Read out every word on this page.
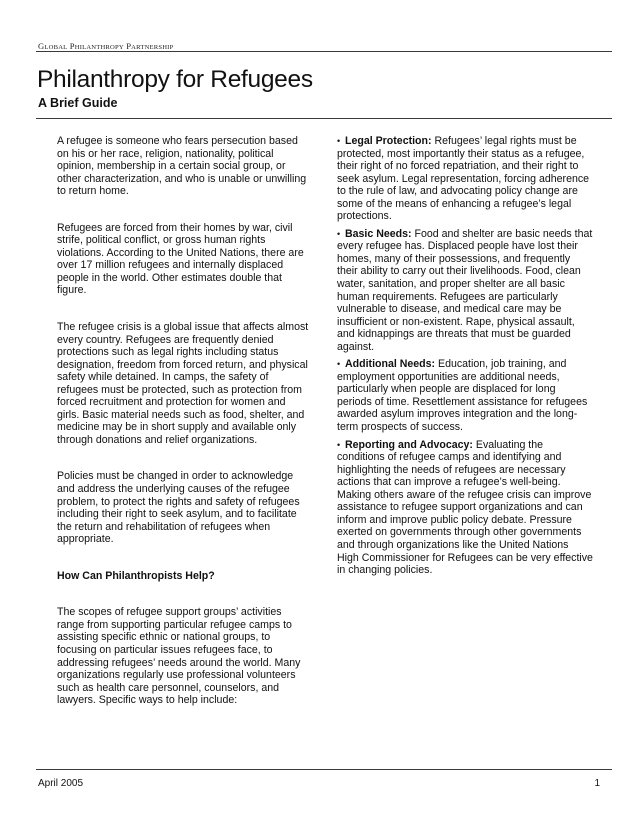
GLOBAL PHILANTHROPY PARTNERSHIP
Philanthropy for Refugees
A Brief Guide

A refugee is someone who fears persecution based on his or her race, religion, nationality, political opinion, membership in a certain social group, or other characterization, and who is unable or unwilling to return home.

Refugees are forced from their homes by war, civil strife, political conflict, or gross human rights violations. According to the United Nations, there are over 17 million refugees and internally displaced people in the world. Other estimates double that figure.

The refugee crisis is a global issue that affects almost every country. Refugees are frequently denied protections such as legal rights including status designation, freedom from forced return, and physical safety while detained. In camps, the safety of refugees must be protected, such as protection from forced recruitment and protection for women and girls. Basic material needs such as food, shelter, and medicine may be in short supply and available only through donations and relief organizations.

Policies must be changed in order to acknowledge and address the underlying causes of the refugee problem, to protect the rights and safety of refugees including their right to seek asylum, and to facilitate the return and rehabilitation of refugees when appropriate.

How Can Philanthropists Help?

The scopes of refugee support groups’ activities range from supporting particular refugee camps to assisting specific ethnic or national groups, to focusing on particular issues refugees face, to addressing refugees’ needs around the world. Many organizations regularly use professional volunteers such as health care personnel, counselors, and lawyers. Specific ways to help include:

• Legal Protection: Refugees’ legal rights must be protected, most importantly their status as a refugee, their right of no forced repatriation, and their right to seek asylum. Legal representation, forcing adherence to the rule of law, and advocating policy change are some of the means of enhancing a refugee’s legal protections.
• Basic Needs: Food and shelter are basic needs that every refugee has. Displaced people have lost their homes, many of their possessions, and frequently their ability to carry out their livelihoods. Food, clean water, sanitation, and proper shelter are all basic human requirements. Refugees are particularly vulnerable to disease, and medical care may be insufficient or non-existent. Rape, physical assault, and kidnappings are threats that must be guarded against.
• Additional Needs: Education, job training, and employment opportunities are additional needs, particularly when people are displaced for long periods of time. Resettlement assistance for refugees awarded asylum improves integration and the long-term prospects of success.
• Reporting and Advocacy: Evaluating the conditions of refugee camps and identifying and highlighting the needs of refugees are necessary actions that can improve a refugee’s well-being. Making others aware of the refugee crisis can improve assistance to refugee support organizations and can inform and improve public policy debate. Pressure exerted on governments through other governments and through organizations like the United Nations High Commissioner for Refugees can be very effective in changing policies.
April 2005	1
